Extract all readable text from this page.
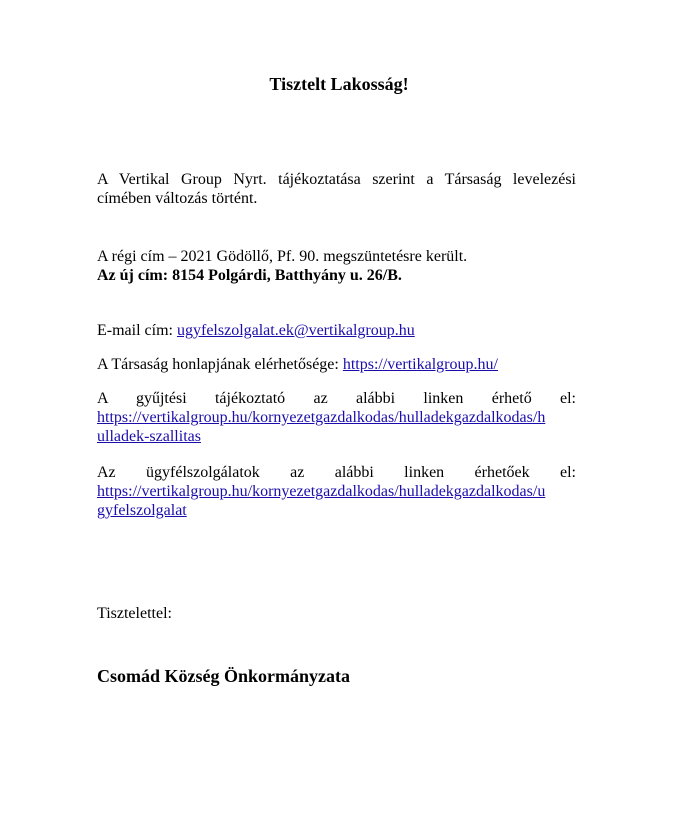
Tisztelt Lakosság!
A Vertikal Group Nyrt. tájékoztatása szerint a Társaság levelezési
címében változás történt.
A régi cím – 2021 Gödöllő, Pf. 90. megszüntetésre került.
Az új cím: 8154 Polgárdi, Batthyány u. 26/B.
E-mail cím: ugyfelszolgalat.ek@vertikalgroup.hu
A Társaság honlapjának elérhetősége: https://vertikalgroup.hu/
A gyűjtési tájékoztató az alábbi linken érhető el:
https://vertikalgroup.hu/kornyezetgazdalkodas/hulladekgazdalkodas/h
ulladek-szallitas
Az ügyfélszolgálatok az alábbi linken érhetőek el:
https://vertikalgroup.hu/kornyezetgazdalkodas/hulladekgazdalkodas/u
gyfelszolgalat
Tisztelettel:
Csomád Község Önkormányzata
